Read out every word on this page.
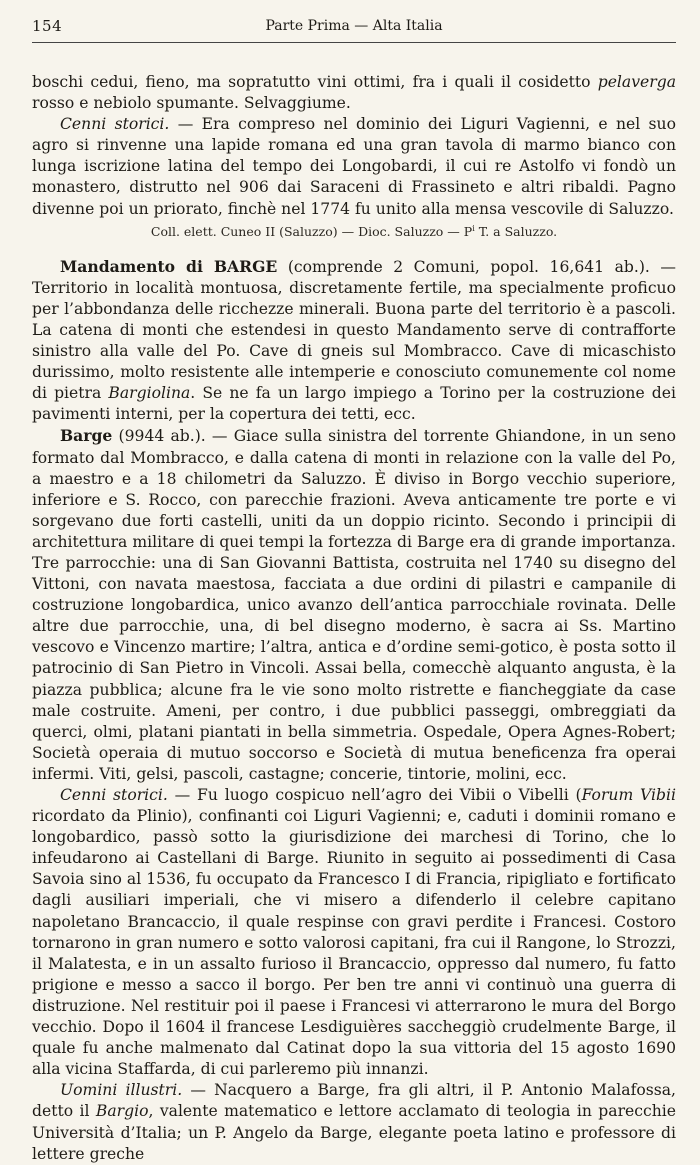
154	Parte Prima — Alta Italia

boschi cedui, fieno, ma sopratutto vini ottimi, fra i quali il cosidetto pelaverga rosso e nebiolo spumante. Selvaggiume.

Cenni storici. — Era compreso nel dominio dei Liguri Vagienni, e nel suo agro si rinvenne una lapide romana ed una gran tavola di marmo bianco con lunga iscrizione latina del tempo dei Longobardi, il cui re Astolfo vi fondò un monastero, distrutto nel 906 dai Saraceni di Frassineto e altri ribaldi. Pagno divenne poi un priorato, finchè nel 1774 fu unito alla mensa vescovile di Saluzzo.

Coll. elett. Cuneo II (Saluzzo) — Dioc. Saluzzo — $P^i$ T. a Saluzzo.

Mandamento di BARGE (comprende 2 Comuni, popol. 16,641 ab.). — Territorio in località montuosa, discretamente fertile, ma specialmente proficuo per l’abbondanza delle ricchezze minerali. Buona parte del territorio è a pascoli. La catena di monti che estendesi in questo Mandamento serve di contrafforte sinistro alla valle del Po. Cave di gneis sul Mombracco. Cave di micaschisto durissimo, molto resistente alle intemperie e conosciuto comunemente col nome di pietra Bargiolina. Se ne fa un largo impiego a Torino per la costruzione dei pavimenti interni, per la copertura dei tetti, ecc.

Barge (9944 ab.). — Giace sulla sinistra del torrente Ghiandone, in un seno formato dal Mombracco, e dalla catena di monti in relazione con la valle del Po, a maestro e a 18 chilometri da Saluzzo. È diviso in Borgo vecchio superiore, inferiore e S. Rocco, con parecchie frazioni. Aveva anticamente tre porte e vi sorgevano due forti castelli, uniti da un doppio ricinto. Secondo i principii di architettura militare di quei tempi la fortezza di Barge era di grande importanza. Tre parrocchie: una di San Giovanni Battista, costruita nel 1740 su disegno del Vittoni, con navata maestosa, facciata a due ordini di pilastri e campanile di costruzione longobardica, unico avanzo dell’antica parrocchiale rovinata. Delle altre due parrocchie, una, di bel disegno moderno, è sacra ai Ss. Martino vescovo e Vincenzo martire; l’altra, antica e d’ordine semi-gotico, è posta sotto il patrocinio di San Pietro in Vincoli. Assai bella, comecchè alquanto angusta, è la piazza pubblica; alcune fra le vie sono molto ristrette e fiancheggiate da case male costruite. Ameni, per contro, i due pubblici passeggi, ombreggiati da querci, olmi, platani piantati in bella simmetria. Ospedale, Opera Agnes-Robert; Società operaia di mutuo soccorso e Società di mutua beneficenza fra operai infermi. Viti, gelsi, pascoli, castagne; concerie, tintorie, molini, ecc.

Cenni storici. — Fu luogo cospicuo nell’agro dei Vibii o Vibelli (Forum Vibii ricordato da Plinio), confinanti coi Liguri Vagienni; e, caduti i dominii romano e longobardico, passò sotto la giurisdizione dei marchesi di Torino, che lo infeudarono ai Castellani di Barge. Riunito in seguito ai possedimenti di Casa Savoia sino al 1536, fu occupato da Francesco I di Francia, ripigliato e fortificato dagli ausiliari imperiali, che vi misero a difenderlo il celebre capitano napoletano Brancaccio, il quale respinse con gravi perdite i Francesi. Costoro tornarono in gran numero e sotto valorosi capitani, fra cui il Rangone, lo Strozzi, il Malatesta, e in un assalto furioso il Brancaccio, oppresso dal numero, fu fatto prigione e messo a sacco il borgo. Per ben tre anni vi continuò una guerra di distruzione. Nel restituir poi il paese i Francesi vi atterrarono le mura del Borgo vecchio. Dopo il 1604 il francese Lesdiguières saccheggiò crudelmente Barge, il quale fu anche malmenato dal Catinat dopo la sua vittoria del 15 agosto 1690 alla vicina Staffarda, di cui parleremo più innanzi.

Uomini illustri. — Nacquero a Barge, fra gli altri, il P. Antonio Malafossa, detto il Bargio, valente matematico e lettore acclamato di teologia in parecchie Università d’Italia; un P. Angelo da Barge, elegante poeta latino e professore di lettere greche
